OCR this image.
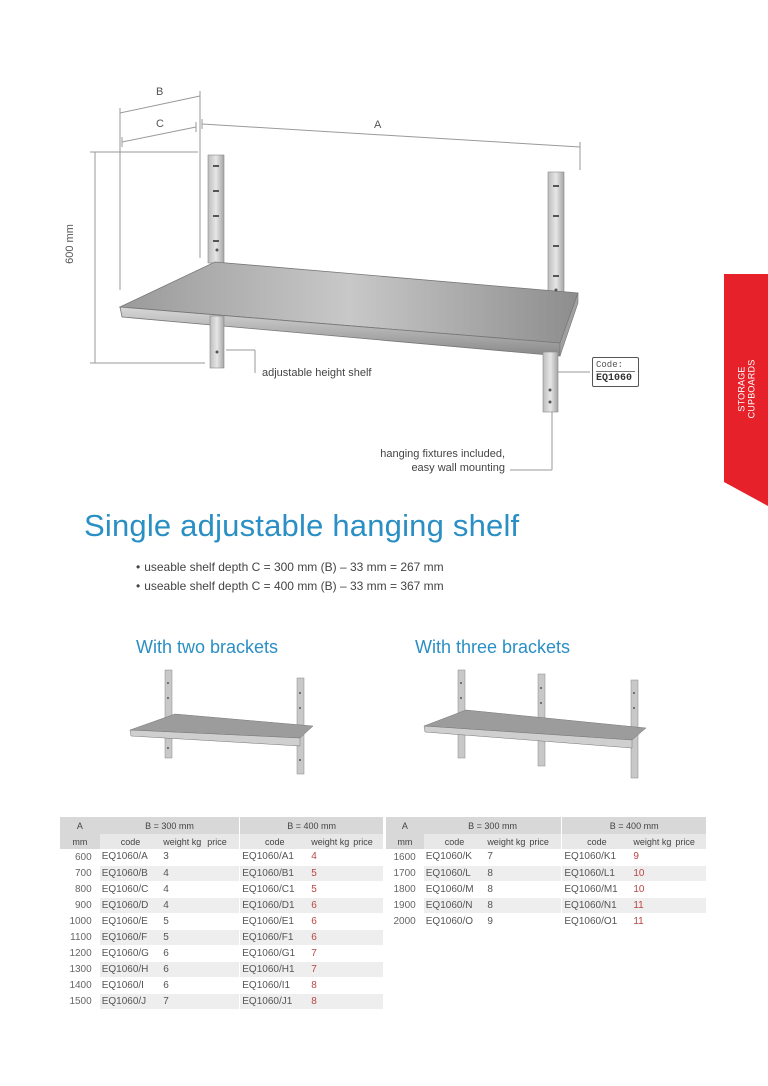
B
C	A
600 mm
adjustable height shelf
hanging fixtures included,
easy wall mounting
Code:
EQ1060	STORAGE CUPBOARDS
Single adjustable hanging shelf
• useable shelf depth C = 300 mm (B) – 33 mm = 267 mm
• useable shelf depth C = 400 mm (B) – 33 mm = 367 mm
With two brackets	With three brackets
A	B = 300 mm			B = 400 mm		
mm	code	weight kg	price	code	weight kg	price
600	EQ1060/A	3		EQ1060/A1	4	
700	EQ1060/B	4		EQ1060/B1	5	
800	EQ1060/C	4		EQ1060/C1	5	
900	EQ1060/D	4		EQ1060/D1	6	
1000	EQ1060/E	5		EQ1060/E1	6	
1100	EQ1060/F	5		EQ1060/F1	6	
1200	EQ1060/G	6		EQ1060/G1	7	
1300	EQ1060/H	6		EQ1060/H1	7	
1400	EQ1060/I	6		EQ1060/I1	8	
1500	EQ1060/J	7		EQ1060/J1	8	
A	B = 300 mm			B = 400 mm		
mm	code	weight kg	price	code	weight kg	price
1600	EQ1060/K	7		EQ1060/K1	9	
1700	EQ1060/L	8		EQ1060/L1	10	
1800	EQ1060/M	8		EQ1060/M1	10	
1900	EQ1060/N	8		EQ1060/N1	11	
2000	EQ1060/O	9		EQ1060/O1	11	
